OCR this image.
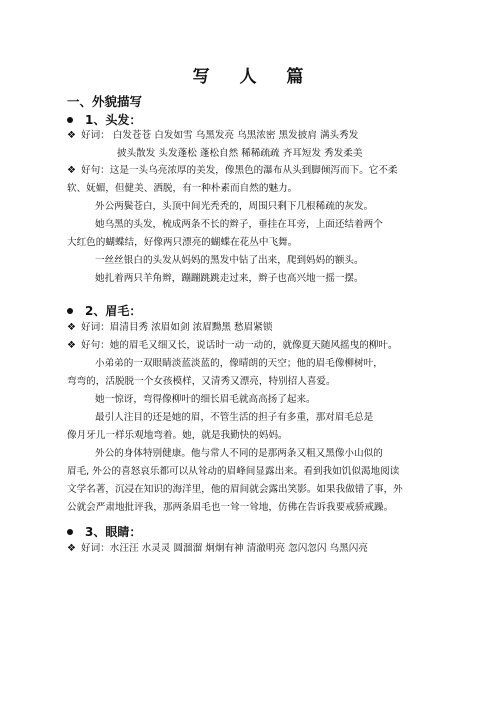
写 人 篇
一、外貌描写
1、头发：
❖ 好词： 白发苍苍 白发如雪 乌黑发亮 乌黑浓密 黑发披肩 满头秀发
披头散发 头发蓬松 蓬松自然 稀稀疏疏 齐耳短发 秀发柔美
❖ 好句：这是一头乌亮浓厚的美发，像黑色的瀑布从头到脚倾泻而下。它不柔
软、妩媚，但健美、洒脱，有一种朴素而自然的魅力。
外公两鬓苍白，头顶中间光秃秃的，周围只剩下几根稀疏的灰发。
她乌黑的头发，梳成两条不长的辫子，垂挂在耳旁，上面还结着两个
大红色的蝴蝶结，好像两只漂亮的蝴蝶在花丛中飞舞。
一丝丝银白的头发从妈妈的黑发中钻了出来，爬到妈妈的额头。
她扎着两只羊角辫，蹦蹦跳跳走过来，辫子也高兴地一摇一摆。
2、眉毛：
❖ 好词：眉清目秀 浓眉如剑 浓眉黝黑 愁眉紧锁
❖ 好句：她的眉毛又细又长，说话时一动一动的，就像夏天随风摇曳的柳叶。
小弟弟的一双眼睛淡蓝淡蓝的，像晴朗的天空；他的眉毛像柳树叶，
弯弯的，活脱脱一个女孩模样，又清秀又漂亮，特别招人喜爱。
她一惊讶，弯得像柳叶的细长眉毛就高高扬了起来。
最引人注目的还是她的眉，不管生活的担子有多重，那对眉毛总是
像月牙儿一样乐观地弯着。她，就是我勤快的妈妈。
外公的身体特别健康。他与常人不同的是那两条又粗又黑像小山似的
眉毛, 外公的喜怒哀乐都可以从耸动的眉峰间显露出来。看到我如饥似渴地阅读
文学名著，沉浸在知识的海洋里，他的眉间就会露出笑影。如果我做错了事，外
公就会严肃地批评我，那两条眉毛也一耸一耸地，仿佛在告诉我要戒骄戒躁。
3、眼睛：
❖ 好词：水汪汪 水灵灵 圆溜溜 炯炯有神 清澈明亮 忽闪忽闪 乌黑闪亮
